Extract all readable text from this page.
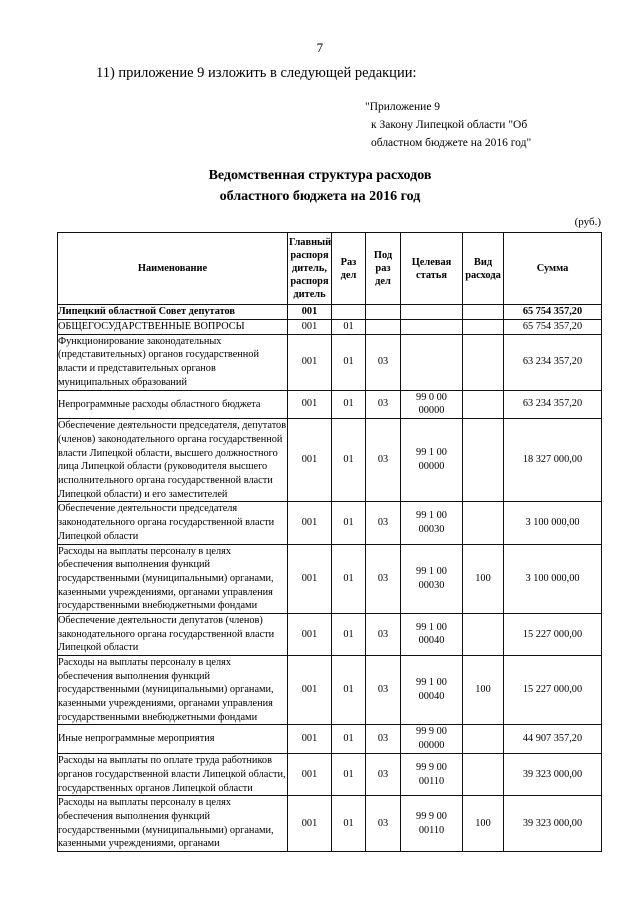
7
11) приложение 9 изложить в следующей редакции:
"Приложение 9
к Закону Липецкой области "Об
областном бюджете на 2016 год"
Ведомственная структура расходов
областного бюджета на 2016 год
(руб.)
Наименование	Главный
распоря
дитель,
распоря
дитель	Раз
дел	Под
раз
дел	Целевая
статья	Вид
расхода	Сумма
Липецкий областной Совет депутатов	001					65 754 357,20
ОБЩЕГОСУДАРСТВЕННЫЕ ВОПРОСЫ	001	01				65 754 357,20
Функционирование законодательных (представительных) органов государственной власти и представительных органов муниципальных образований	001	01	03			63 234 357,20
Непрограммные расходы областного бюджета	001	01	03	99 0 00
00000		63 234 357,20
Обеспечение деятельности председателя, депутатов (членов) законодательного органа государственной власти Липецкой области, высшего должностного лица Липецкой области (руководителя высшего исполнительного органа государственной власти Липецкой области) и его заместителей	001	01	03	99 1 00
00000		18 327 000,00
Обеспечение деятельности председателя законодательного органа государственной власти Липецкой области	001	01	03	99 1 00
00030		3 100 000,00
Расходы на выплаты персоналу в целях обеспечения выполнения функций государственными (муниципальными) органами, казенными учреждениями, органами управления государственными внебюджетными фондами	001	01	03	99 1 00
00030	100	3 100 000,00
Обеспечение деятельности депутатов (членов) законодательного органа государственной власти Липецкой области	001	01	03	99 1 00
00040		15 227 000,00
Расходы на выплаты персоналу в целях обеспечения выполнения функций государственными (муниципальными) органами, казенными учреждениями, органами управления государственными внебюджетными фондами	001	01	03	99 1 00
00040	100	15 227 000,00
Иные непрограммные мероприятия	001	01	03	99 9 00
00000		44 907 357,20
Расходы на выплаты по оплате труда работников органов государственной власти Липецкой области, государственных органов Липецкой области	001	01	03	99 9 00
00110		39 323 000,00
Расходы на выплаты персоналу в целях обеспечения выполнения функций государственными (муниципальными) органами, казенными учреждениями, органами	001	01	03	99 9 00
00110	100	39 323 000,00
